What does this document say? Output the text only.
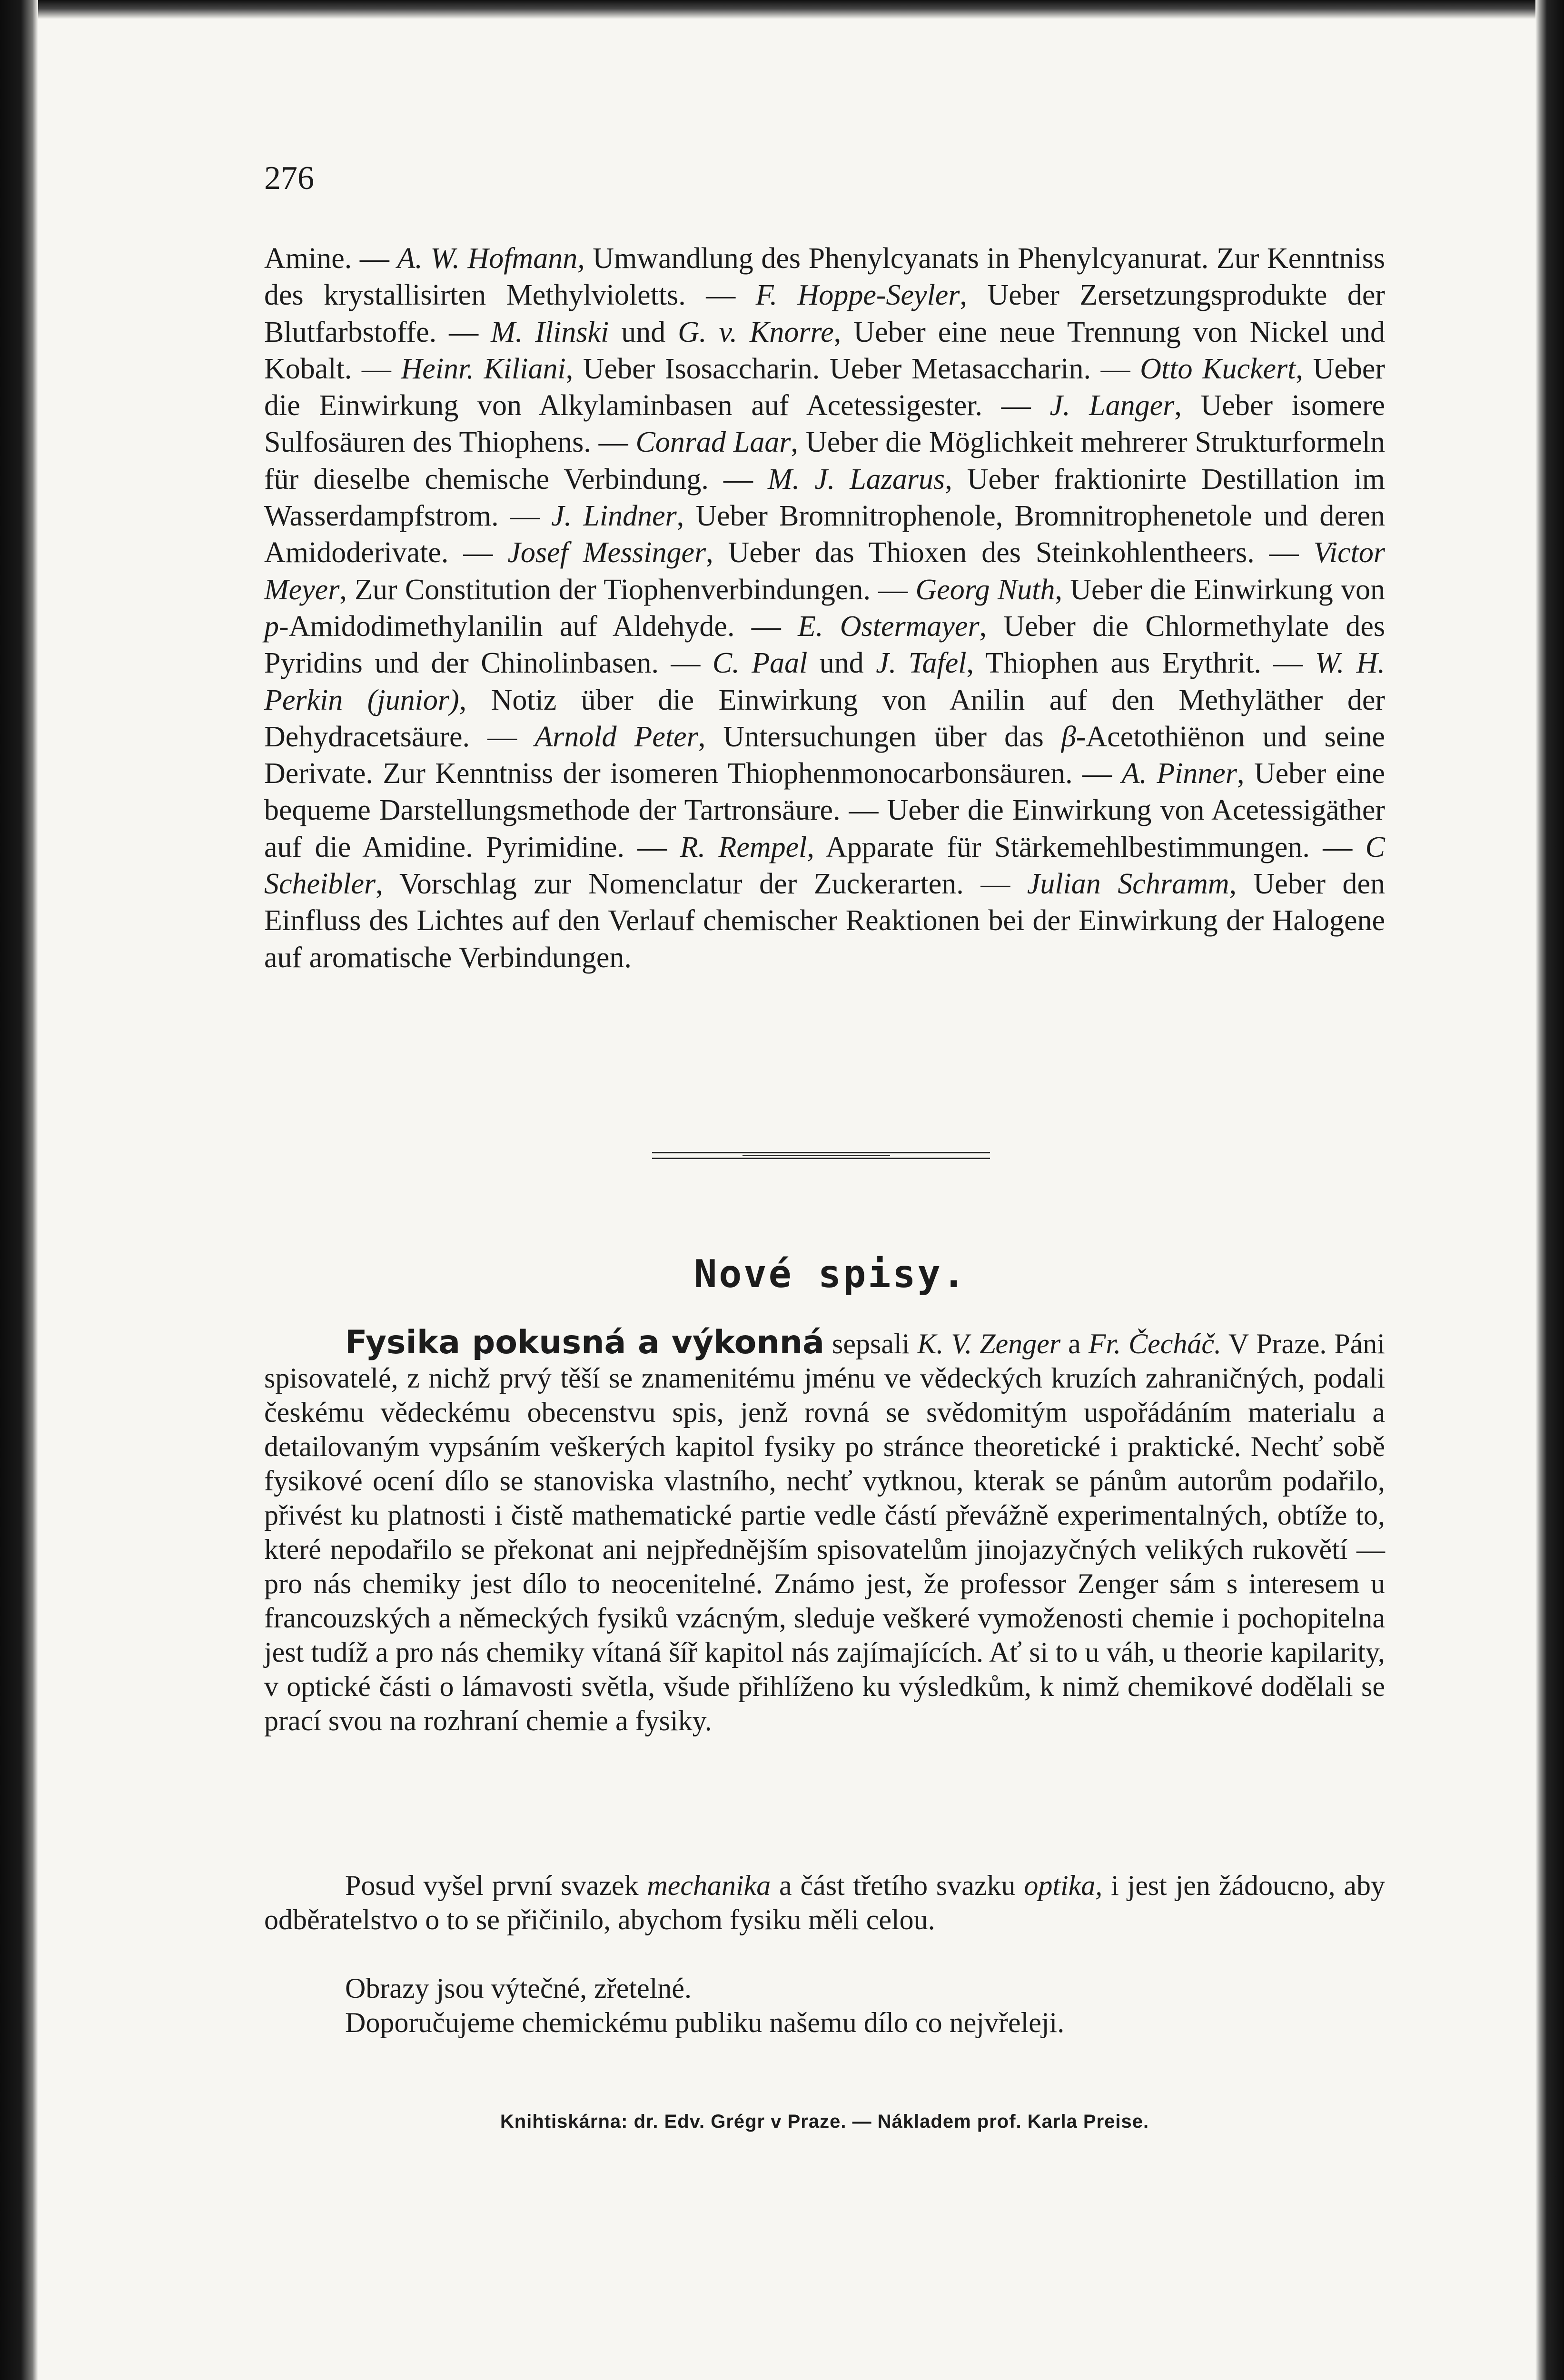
276

Amine. — A. W. Hofmann, Umwandlung des Phenylcyanats in Phenylcyanurat. Zur Kenntniss des krystallisirten Methylvioletts. — F. Hoppe-Seyler, Ueber Zersetzungsprodukte der Blutfarbstoffe. — M. Ilinski und G. v. Knorre, Ueber eine neue Trennung von Nickel und Kobalt. — Heinr. Kiliani, Ueber Isosaccharin. Ueber Metasaccharin. — Otto Kuckert, Ueber die Einwirkung von Alkylaminbasen auf Acetessigester. — J. Langer, Ueber isomere Sulfosäuren des Thiophens. — Conrad Laar, Ueber die Möglichkeit mehrerer Strukturformeln für dieselbe chemische Verbindung. — M. J. Lazarus, Ueber fraktionirte Destillation im Wasserdampfstrom. — J. Lindner, Ueber Bromnitrophenole, Bromnitrophenetole und deren Amidoderivate. — Josef Messinger, Ueber das Thioxen des Steinkohlentheers. — Victor Meyer, Zur Constitution der Tiophenverbindungen. — Georg Nuth, Ueber die Einwirkung von p-Amidodimethylanilin auf Aldehyde. — E. Ostermayer, Ueber die Chlormethylate des Pyridins und der Chinolinbasen. — C. Paal und J. Tafel, Thiophen aus Erythrit. — W. H. Perkin (junior), Notiz über die Einwirkung von Anilin auf den Methyläther der Dehydracetsäure. — Arnold Peter, Untersuchungen über das β-Acetothiënon und seine Derivate. Zur Kenntniss der isomeren Thiophenmonocarbonsäuren. — A. Pinner, Ueber eine bequeme Darstellungsmethode der Tartronsäure. — Ueber die Einwirkung von Acetessigäther auf die Amidine. Pyrimidine. — R. Rempel, Apparate für Stärkemehlbestimmungen. — C Scheibler, Vorschlag zur Nomenclatur der Zuckerarten. — Julian Schramm, Ueber den Einfluss des Lichtes auf den Verlauf chemischer Reaktionen bei der Einwirkung der Halogene auf aromatische Verbindungen.

Nové spisy.

Fysika pokusná a výkonná sepsali K. V. Zenger a Fr. Čecháč. V Praze. Páni spisovatelé, z nichž prvý těší se znamenitému jménu ve vědeckých kruzích zahraničných, podali českému vědeckému obecenstvu spis, jenž rovná se svědomitým uspořádáním materialu a detailovaným vypsáním veškerých kapitol fysiky po stránce theoretické i praktické. Nechť sobě fysikové ocení dílo se stanoviska vlastního, nechť vytknou, kterak se pánům autorům podařilo, přivést ku platnosti i čistě mathematické partie vedle částí převážně experimentalných, obtíže to, které nepodařilo se překonat ani nejpřednějším spisovatelům jinojazyčných velikých rukovětí — pro nás chemiky jest dílo to neocenitelné. Známo jest, že professor Zenger sám s interesem u francouzských a německých fysiků vzácným, sleduje veškeré vymoženosti chemie i pochopitelna jest tudíž a pro nás chemiky vítaná šíř kapitol nás zajímajících. Ať si to u váh, u theorie kapilarity, v optické části o lámavosti světla, všude přihlíženo ku výsledkům, k nimž chemikové dodělali se prací svou na rozhraní chemie a fysiky.

Posud vyšel první svazek mechanika a část třetího svazku optika, i jest jen žádoucno, aby odběratelstvo o to se přičinilo, abychom fysiku měli celou.

Obrazy jsou výtečné, zřetelné.

Doporučujeme chemickému publiku našemu dílo co nejvřeleji.

Knihtiskárna: dr. Edv. Grégr v Praze. — Nákladem prof. Karla Preise.
